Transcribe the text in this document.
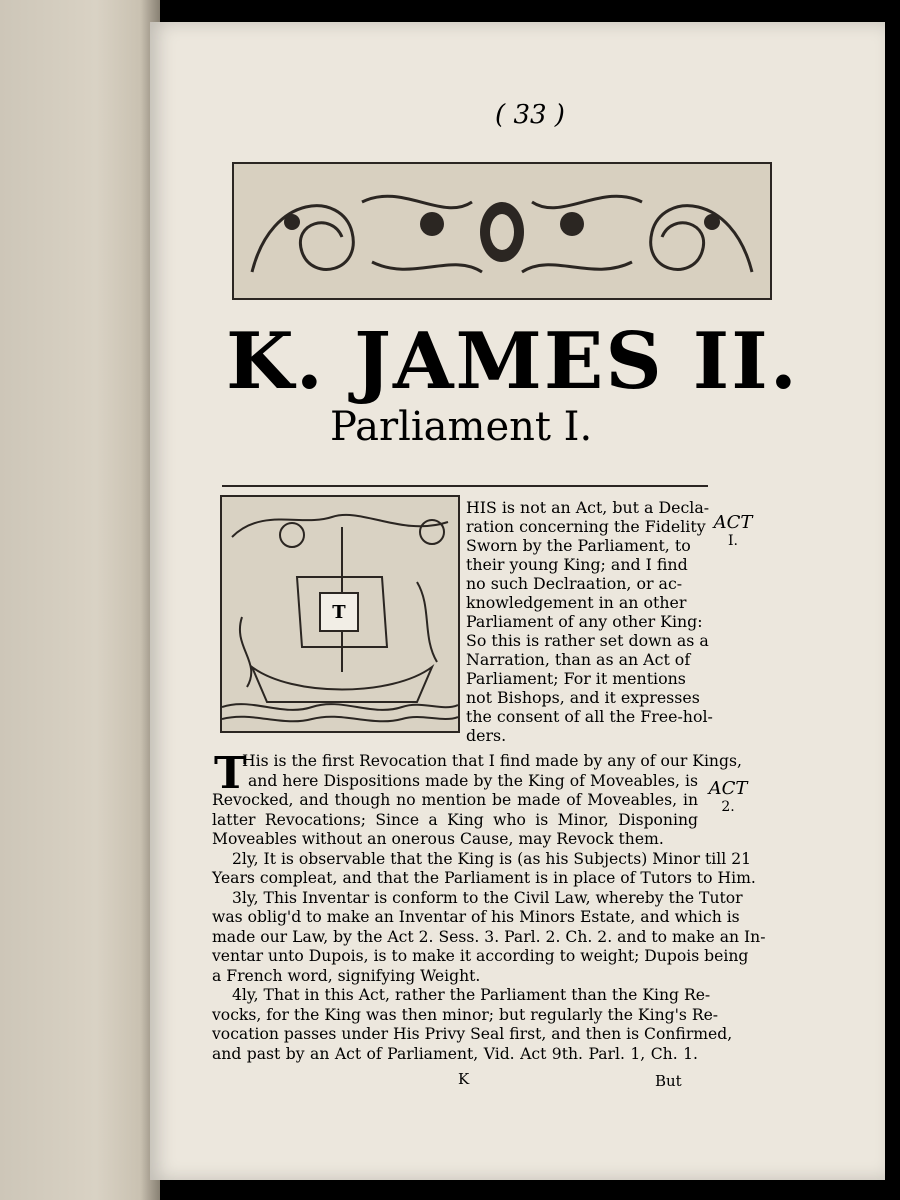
( 33 )
K. JAMES II.
Parliament I.
T
HIS is not an Act, but a Decla-
ration concerning the Fidelity
Sworn by the Parliament, to
their young King; and I find
no such Declraation, or ac-
knowledgement in an other
Parliament of any other King:
So this is rather set down as a
Narration, than as an Act of
Parliament; For it mentions
not Bishops, and it expresses
the consent of all the Free-hol-
ders.
ACT
I.
ACT
2.
T
His is the first Revocation that I find made by any of our Kings,
and here Dispositions made by the King of Moveables, is
Revocked, and though no mention be made of Moveables, in
latter Revocations; Since a King who is Minor, Disponing
Moveables without an onerous Cause, may Revock them.
2ly, It is observable that the King is (as his Subjects) Minor till 21
Years compleat, and that the Parliament is in place of Tutors to Him.
3ly, This Inventar is conform to the Civil Law, whereby the Tutor
was oblig'd to make an Inventar of his Minors Estate, and which is
made our Law, by the Act 2. Sess. 3. Parl. 2. Ch. 2. and to make an In-
ventar unto Dupois, is to make it according to weight; Dupois being
a French word, signifying Weight.
4ly, That in this Act, rather the Parliament than the King Re-
vocks, for the King was then minor; but regularly the King's Re-
vocation passes under His Privy Seal first, and then is Confirmed,
and past by an Act of Parliament, Vid. Act 9th. Parl. 1, Ch. 1.
K	But
